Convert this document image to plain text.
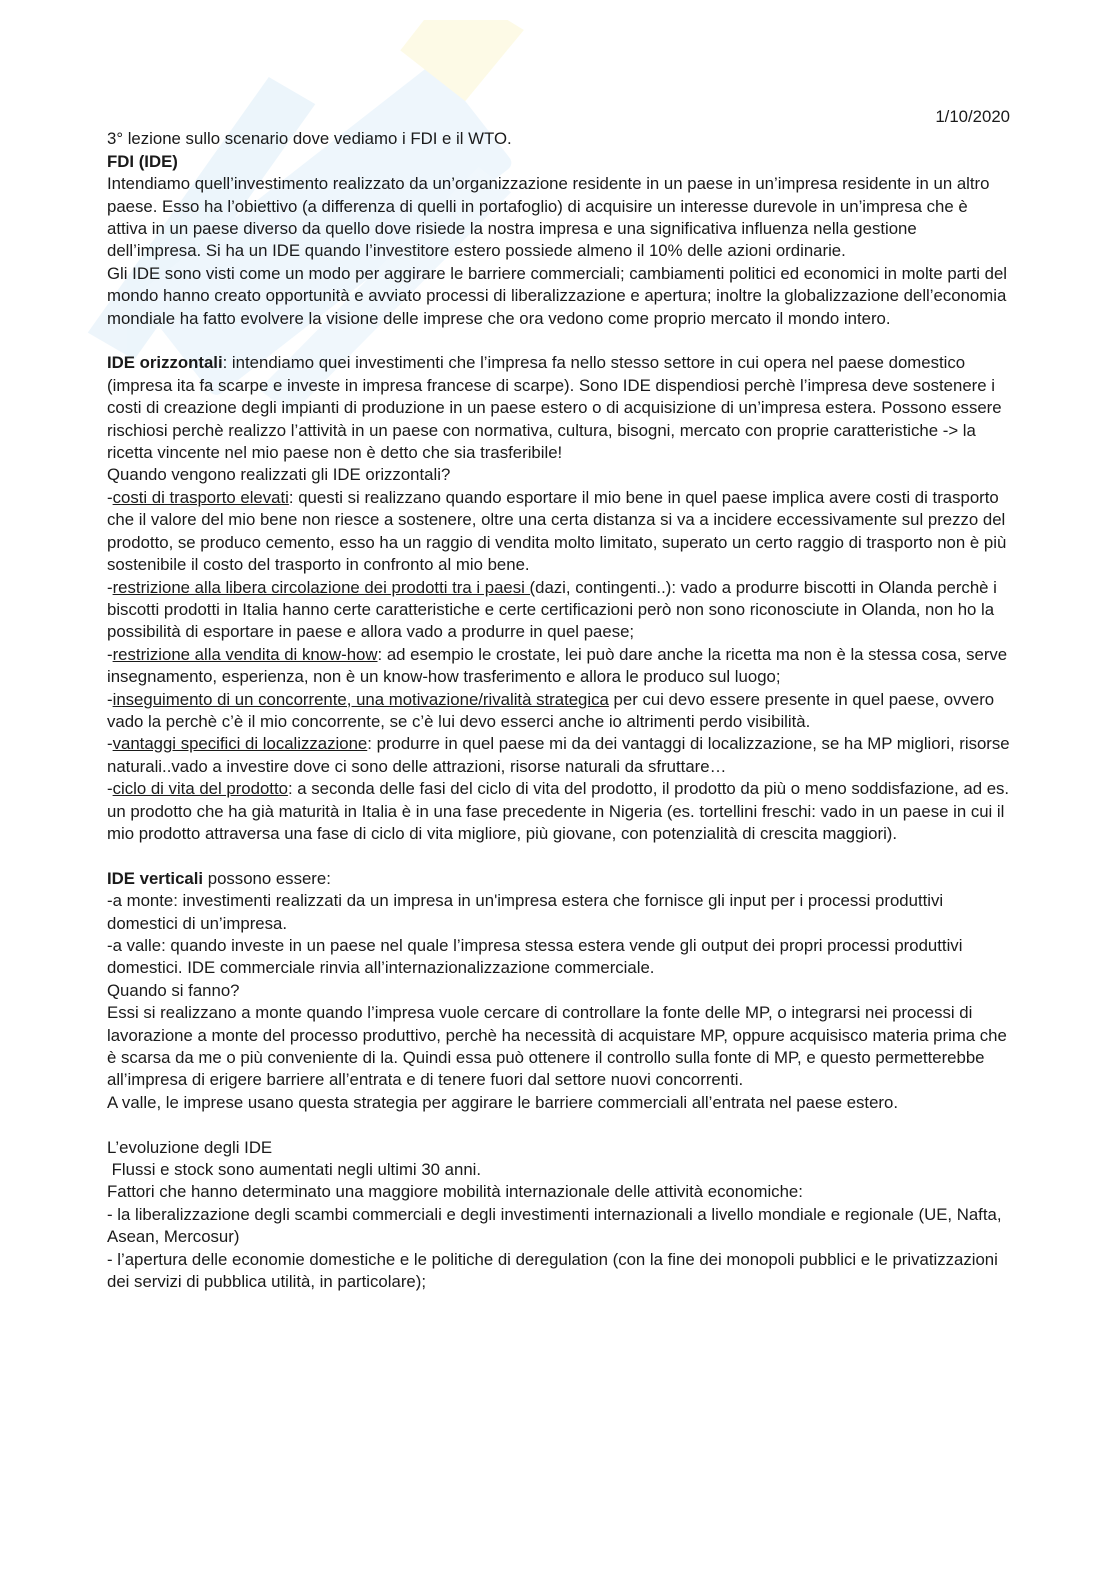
1/10/2020

3° lezione sullo scenario dove vediamo i FDI e il WTO.

FDI (IDE)

Intendiamo quell’investimento realizzato da un’organizzazione residente in un paese in un’impresa residente in un altro paese. Esso ha l’obiettivo (a differenza di quelli in portafoglio) di acquisire un interesse durevole in un’impresa che è attiva in un paese diverso da quello dove risiede la nostra impresa e una significativa influenza nella gestione dell’impresa. Si ha un IDE quando l’investitore estero possiede almeno il 10% delle azioni ordinarie.

Gli IDE sono visti come un modo per aggirare le barriere commerciali; cambiamenti politici ed economici in molte parti del mondo hanno creato opportunità e avviato processi di liberalizzazione e apertura; inoltre la globalizzazione dell’economia mondiale ha fatto evolvere la visione delle imprese che ora vedono come proprio mercato il mondo intero.

IDE orizzontali: intendiamo quei investimenti che l’impresa fa nello stesso settore in cui opera nel paese domestico (impresa ita fa scarpe e investe in impresa francese di scarpe). Sono IDE dispendiosi perchè l’impresa deve sostenere i costi di creazione degli impianti di produzione in un paese estero o di acquisizione di un’impresa estera. Possono essere rischiosi perchè realizzo l’attività in un paese con normativa, cultura, bisogni, mercato con proprie caratteristiche -> la ricetta vincente nel mio paese non è detto che sia trasferibile!

Quando vengono realizzati gli IDE orizzontali?

-costi di trasporto elevati: questi si realizzano quando esportare il mio bene in quel paese implica avere costi di trasporto che il valore del mio bene non riesce a sostenere, oltre una certa distanza si va a incidere eccessivamente sul prezzo del prodotto, se produco cemento, esso ha un raggio di vendita molto limitato, superato un certo raggio di trasporto non è più sostenibile il costo del trasporto in confronto al mio bene.

-restrizione alla libera circolazione dei prodotti tra i paesi (dazi, contingenti..): vado a produrre biscotti in Olanda perchè i biscotti prodotti in Italia hanno certe caratteristiche e certe certificazioni però non sono riconosciute in Olanda, non ho la possibilità di esportare in paese e allora vado a produrre in quel paese;

-restrizione alla vendita di know-how: ad esempio le crostate, lei può dare anche la ricetta ma non è la stessa cosa, serve insegnamento, esperienza, non è un know-how trasferimento e allora le produco sul luogo;

-inseguimento di un concorrente, una motivazione/rivalità strategica per cui devo essere presente in quel paese, ovvero vado la perchè c’è il mio concorrente, se c’è lui devo esserci anche io altrimenti perdo visibilità.

-vantaggi specifici di localizzazione: produrre in quel paese mi da dei vantaggi di localizzazione, se ha MP migliori, risorse naturali..vado a investire dove ci sono delle attrazioni, risorse naturali da sfruttare…

-ciclo di vita del prodotto: a seconda delle fasi del ciclo di vita del prodotto, il prodotto da più o meno soddisfazione, ad es. un prodotto che ha già maturità in Italia è in una fase precedente in Nigeria (es. tortellini freschi: vado in un paese in cui il mio prodotto attraversa una fase di ciclo di vita migliore, più giovane, con potenzialità di crescita maggiori).

IDE verticali possono essere:

-a monte: investimenti realizzati da un impresa in un'impresa estera che fornisce gli input per i processi produttivi domestici di un’impresa.

-a valle: quando investe in un paese nel quale l’impresa stessa estera vende gli output dei propri processi produttivi domestici. IDE commerciale rinvia all’internazionalizzazione commerciale.

Quando si fanno?

Essi si realizzano a monte quando l’impresa vuole cercare di controllare la fonte delle MP, o integrarsi nei processi di lavorazione a monte del processo produttivo, perchè ha necessità di acquistare MP, oppure acquisisco materia prima che è scarsa da me o più conveniente di la. Quindi essa può ottenere il controllo sulla fonte di MP, e questo permetterebbe all’impresa di erigere barriere all’entrata e di tenere fuori dal settore nuovi concorrenti.

A valle, le imprese usano questa strategia per aggirare le barriere commerciali all’entrata nel paese estero.

L’evoluzione degli IDE

Flussi e stock sono aumentati negli ultimi 30 anni.

Fattori che hanno determinato una maggiore mobilità internazionale delle attività economiche:

- la liberalizzazione degli scambi commerciali e degli investimenti internazionali a livello mondiale e regionale (UE, Nafta, Asean, Mercosur)

- l’apertura delle economie domestiche e le politiche di deregulation (con la fine dei monopoli pubblici e le privatizzazioni dei servizi di pubblica utilità, in particolare);
